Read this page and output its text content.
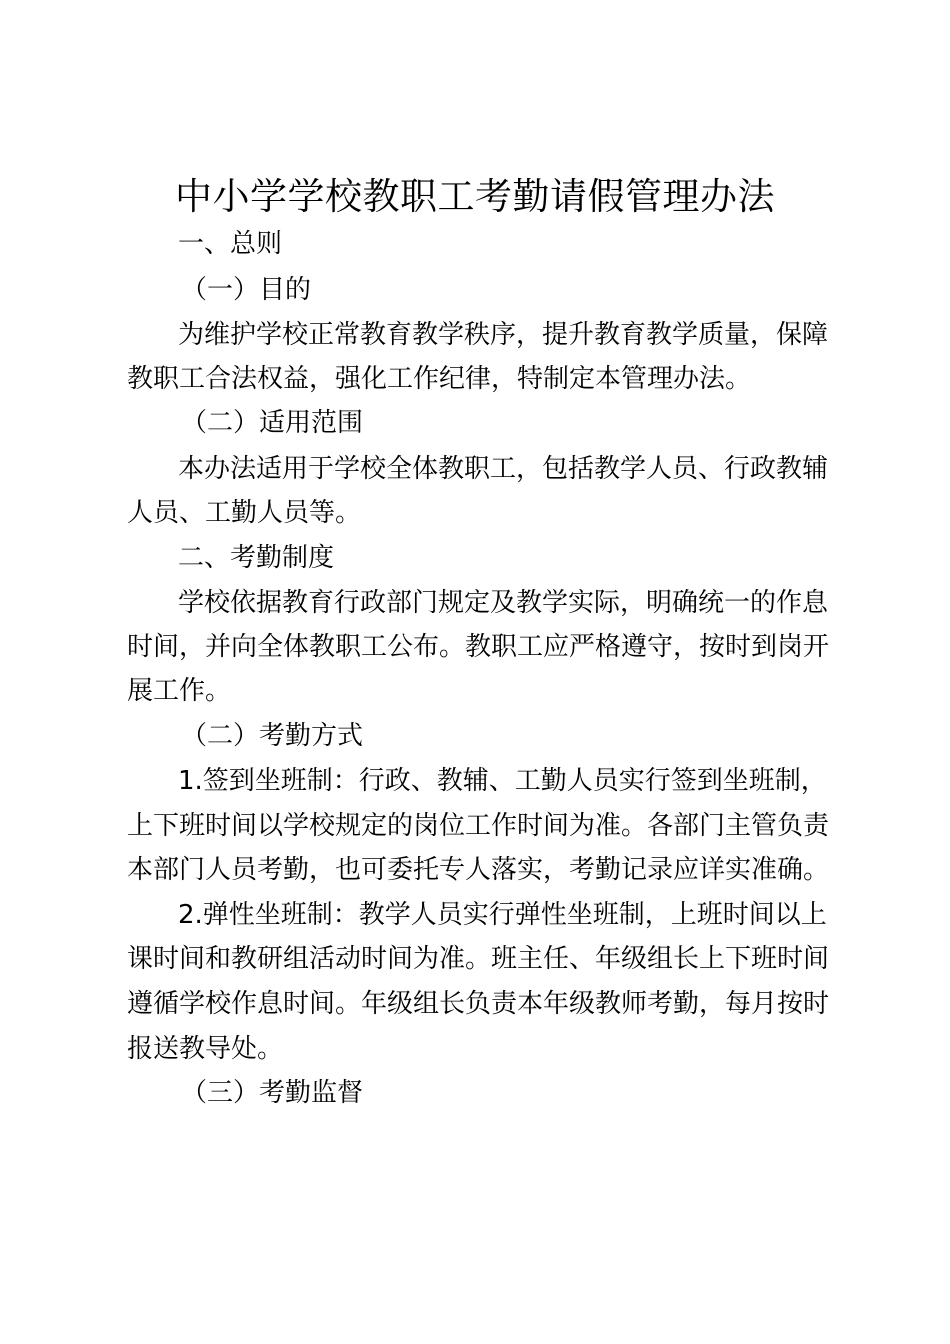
中小学学校教职工考勤请假管理办法
一、总则
（一）目的
为维护学校正常教育教学秩序，提升教育教学质量，保障
教职工合法权益，强化工作纪律，特制定本管理办法。
（二）适用范围
本办法适用于学校全体教职工，包括教学人员、行政教辅
人员、工勤人员等。
二、考勤制度
学校依据教育行政部门规定及教学实际，明确统一的作息
时间，并向全体教职工公布。教职工应严格遵守，按时到岗开
展工作。
（二）考勤方式
1.签到坐班制：行政、教辅、工勤人员实行签到坐班制，
上下班时间以学校规定的岗位工作时间为准。各部门主管负责
本部门人员考勤，也可委托专人落实，考勤记录应详实准确。
2.弹性坐班制：教学人员实行弹性坐班制，上班时间以上
课时间和教研组活动时间为准。班主任、年级组长上下班时间
遵循学校作息时间。年级组长负责本年级教师考勤，每月按时
报送教导处。
（三）考勤监督
